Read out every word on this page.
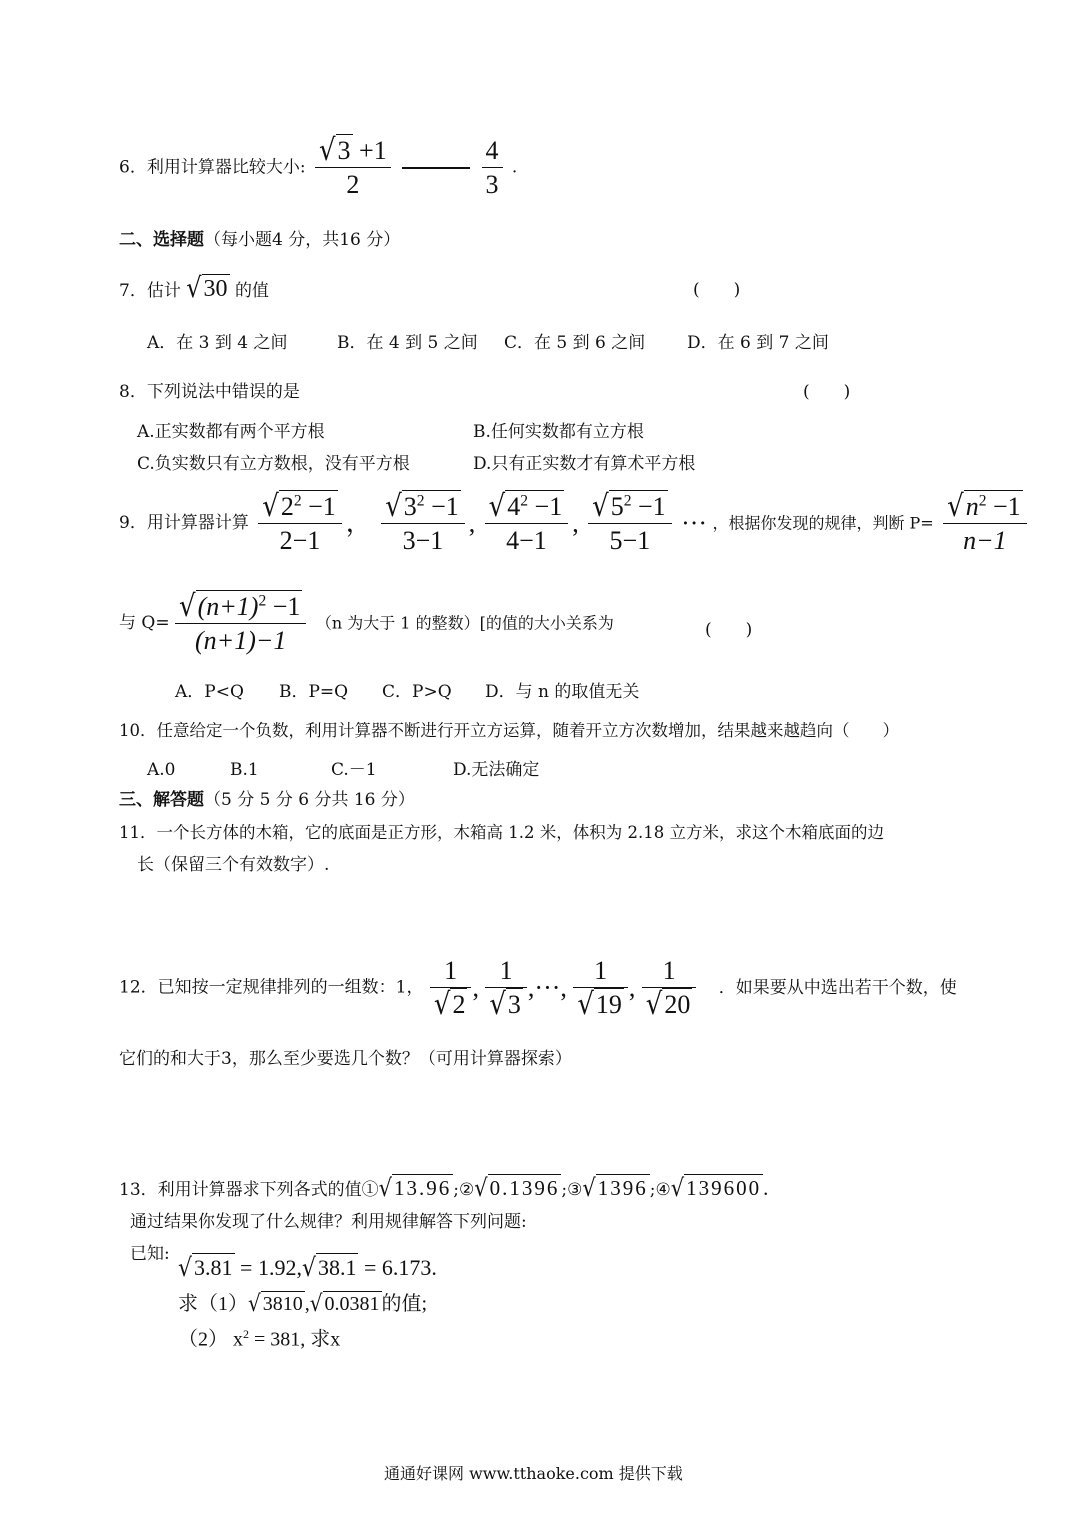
6．利用计算器比较大小: $\frac{√3 +1}{2}$
	$\frac{4}{3}$ .
二、选择题（每小题4 分，共16 分）
7．估计 √30 的值	(　　)
A．在 3 到 4 之间	B．在 4 到 5 之间 C．在 5 到 6 之间 D．在 6 到 7 之间
8．下列说法中错误的是	(　　)
A.正实数都有两个平方根	B.任何实数都有立方根
C.负实数只有立方数根，没有平方根	D.只有正实数才有算术平方根
9．用计算器计算 $\frac{√2^2 -1}{2-1}$ ， $\frac{√3^2 -1}{3-1}$ , $\frac{√4^2 -1}{4-1}$ , $\frac{√5^2 -1}{5-1}$ ··· ，根据你发现的规律，判断 $P= \frac{√n^2 -1}{n-1}$
与 $Q= \frac{√(n+1)^2 -1}{(n+1)-1} (n$ 为大于 1 的整数）[的值的大小关系为	(　　)
A．P<Q B．P=Q C．P>Q D．与 n 的取值无关
10．任意给定一个负数，利用计算器不断进行开立方运算，随着开立方次数增加，结果越来越趋向（　　）
A.0	B.1	C.－1	D.无法确定
三、解答题（5 分 5 分 6 分共 16 分）
11．一个长方体的木箱，它的底面是正方形，木箱高 1.2 米，体积为 2.18 立方米，求这个木箱底面的边
长（保留三个有效数字）.
12．已知按一定规律排列的一组数：1， $\frac{1}{√2}$ , $\frac{1}{√3}$ ,···, $\frac{1}{√19}$ , $\frac{1}{√20}$ ．如果要从中选出若干个数，使
它们的和大于3，那么至少要选几个数？（可用计算器探索）
13．利用计算器求下列各式的值①√13.96 ;②√0.1396 ;③√1396 ;④√139600.
通过结果你发现了什么规律？利用规律解答下列问题:
已知:
√3.81 = 1.92,√38.1 = 6.173.
求（1）√ 3810 ,√ 0.0381 的值;
（2） $x^2 = 381$, 求x
通通好课网 www.tthaoke.com 提供下载
